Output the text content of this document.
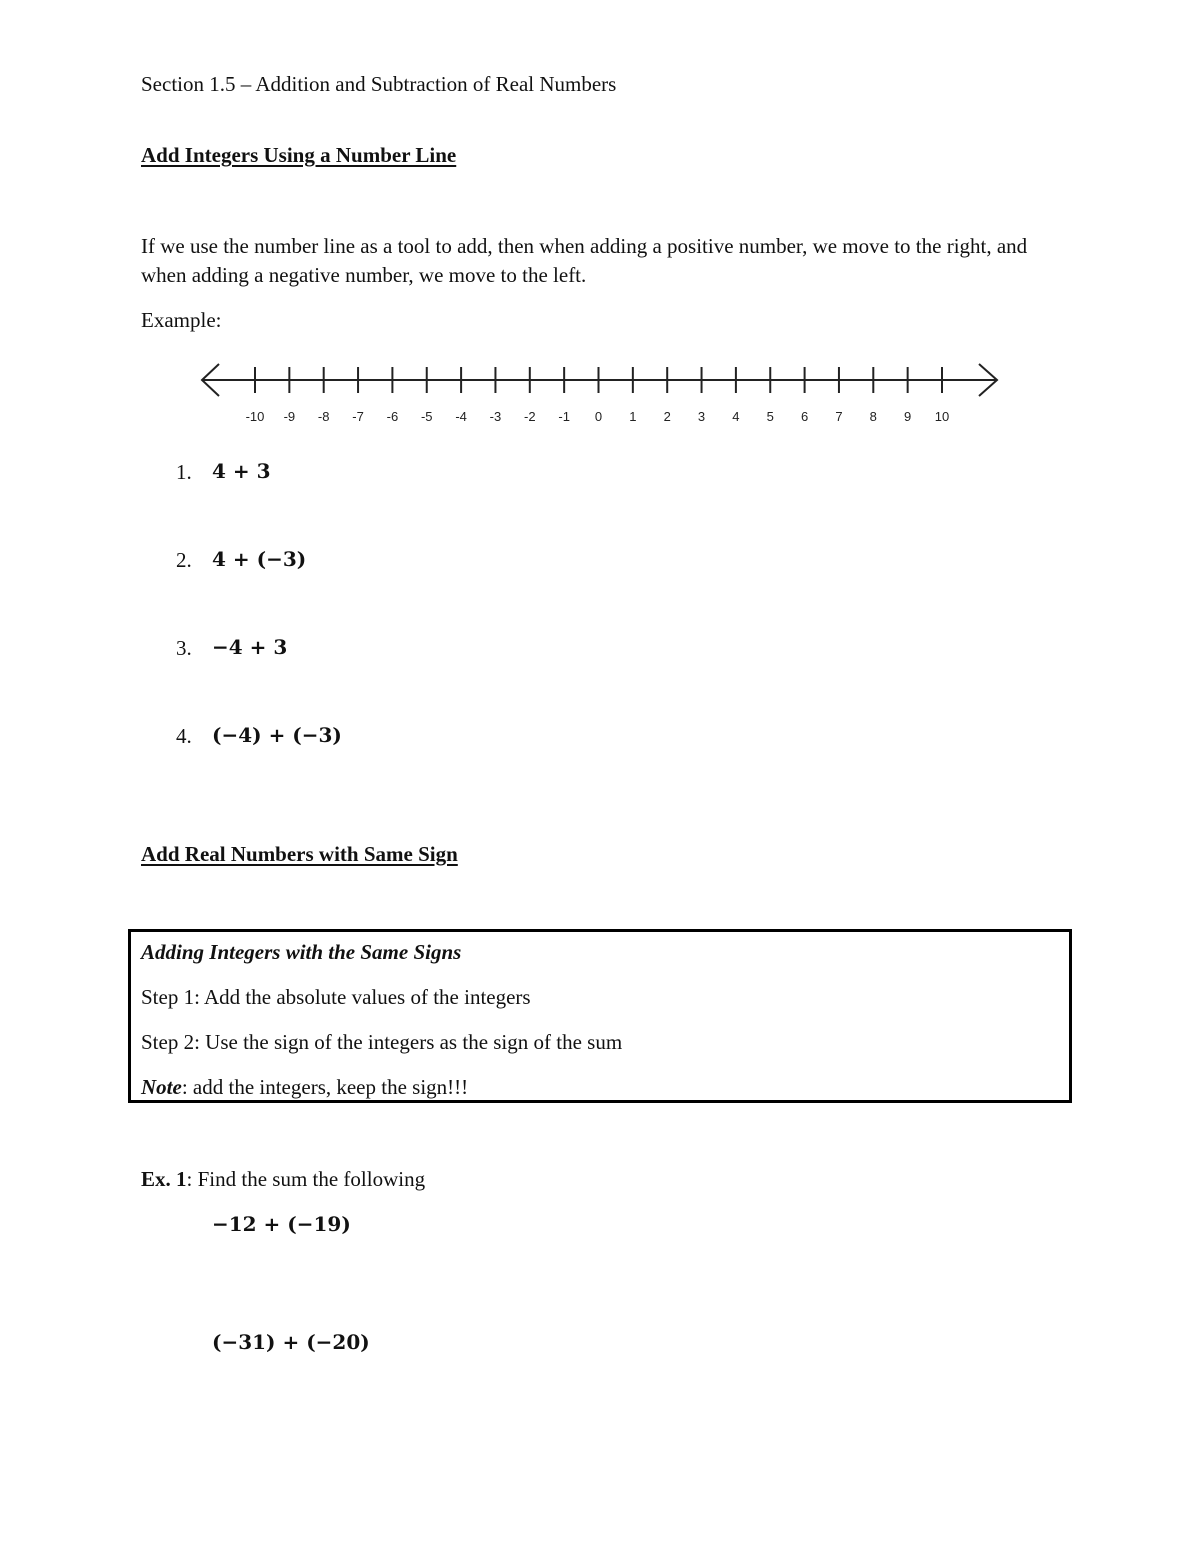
Section 1.5 – Addition and Subtraction of Real Numbers
Add Integers Using a Number Line
If we use the number line as a tool to add, then when adding a positive number, we move to the right, and when adding a negative number, we move to the left.
Example:
-10 -9 -8 -7 -6 -5 -4 -3 -2 -1 0 1 2 3 4 5 6 7 8 9 10
1. 4 + 3
2. 4 + (−3)
3. −4 + 3
4. (−4) + (−3)
Add Real Numbers with Same Sign
Adding Integers with the Same Signs
Step 1: Add the absolute values of the integers
Step 2: Use the sign of the integers as the sign of the sum
Note: add the integers, keep the sign!!!
Ex. 1: Find the sum the following
−12 + (−19)
(−31) + (−20)
